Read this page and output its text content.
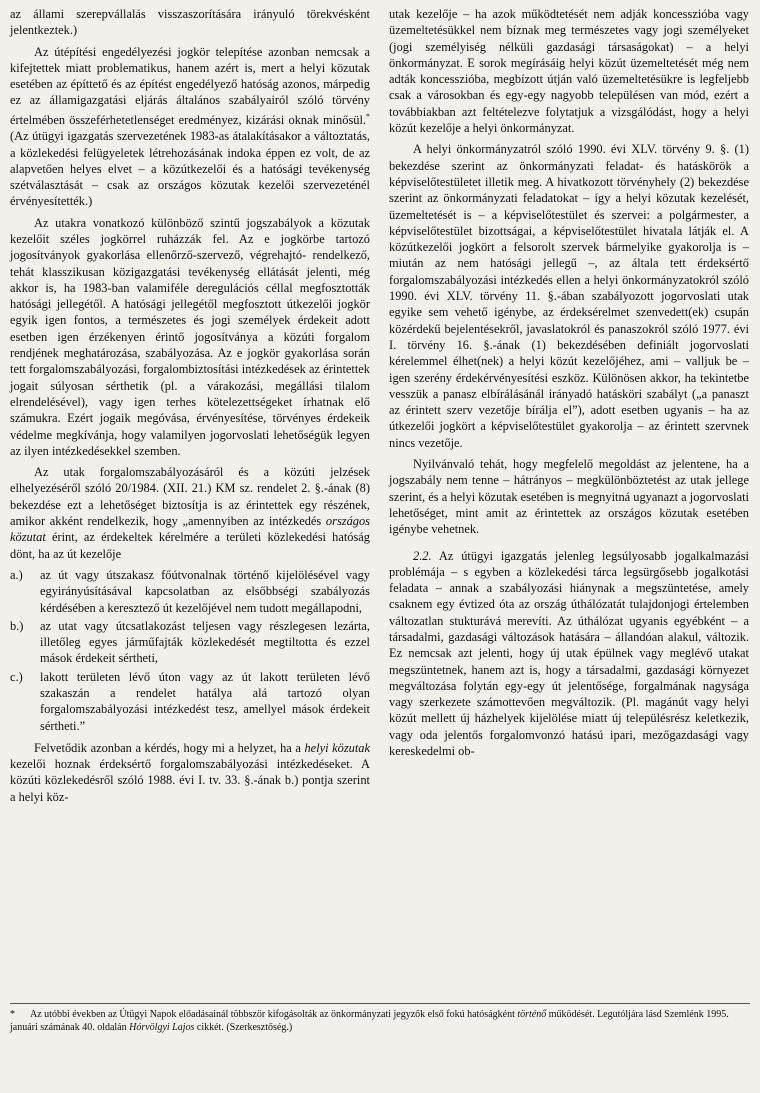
az állami szerepvállalás visszaszorítására irányuló törekvésként jelentkeztek.)

Az útépítési engedélyezési jogkör telepítése azonban nemcsak a kifejtettek miatt problematikus, hanem azért is, mert a helyi közutak esetében az építtető és az építést engedélyező hatóság azonos, márpedig ez az államigazgatási eljárás általános szabályairól szóló törvény értelmében összeférhetetlenséget eredményez, kizárási oknak minősül.* (Az útügyi igazgatás szervezetének 1983-as átalakításakor a változtatás, a közlekedési felügyeletek létrehozásának indoka éppen ez volt, de az alapvetően helyes elvet – a közútkezelői és a hatósági tevékenység szétválasztását – csak az országos közutak kezelői szervezeténél érvényesítették.)

Az utakra vonatkozó különböző szintű jogszabályok a közutak kezelőit széles jogkörrel ruházzák fel. Az e jogkörbe tartozó jogosítványok gyakorlása ellenőrző-szervező, végrehajtó- rendelkező, tehát klasszikusan közigazgatási tevékenység ellátását jelenti, még akkor is, ha 1983-ban valamiféle deregulációs céllal megfosztották hatósági jellegétől. A hatósági jellegétől megfosztott útkezelői jogkör egyik igen fontos, a természetes és jogi személyek érdekeit adott esetben igen érzékenyen érintő jogosítványa a közúti forgalom rendjének meghatározása, szabályozása. Az e jogkör gyakorlása során tett forgalomszabályozási, forgalombiztosítási intézkedések az érintettek jogait súlyosan sérthetik (pl. a várakozási, megállási tilalom elrendelésével), vagy igen terhes kötelezettségeket írhatnak elő számukra. Ezért jogaik megóvása, érvényesítése, törvényes érdekeik védelme megkívánja, hogy valamilyen jogorvoslati lehetőségük legyen az ilyen intézkedésekkel szemben.

Az utak forgalomszabályozásáról és a közúti jelzések elhelyezéséről szóló 20/1984. (XII. 21.) KM sz. rendelet 2. §.-ának (8) bekezdése ezt a lehetőséget biztosítja is az érintettek egy részének, amikor akként rendelkezik, hogy „amennyiben az intézkedés országos közutat érint, az érdekeltek kérelmére a területi közlekedési hatóság dönt, ha az út kezelője

a.) az út vagy útszakasz főútvonalnak történő kijelölésével vagy egyirányúsításával kapcsolatban az elsőbbségi szabályozás kérdésében a keresztező út kezelőjével nem tudott megállapodni,
b.) az utat vagy útcsatlakozást teljesen vagy részlegesen lezárta, illetőleg egyes járműfajták közlekedését megtiltotta és ezzel mások érdekeit sértheti,
c.) lakott területen lévő úton vagy az út lakott területen lévő szakaszán a rendelet hatálya alá tartozó olyan forgalomszabályozási intézkedést tesz, amellyel mások érdekeit sértheti.”

Felvetődik azonban a kérdés, hogy mi a helyzet, ha a helyi közutak kezelői hoznak érdeksértő forgalomszabályozási intézkedéseket. A közúti közlekedésről szóló 1988. évi I. tv. 33. §.-ának b.) pontja szerint a helyi köz-

utak kezelője – ha azok működtetését nem adják koncesszióba vagy üzemeltetésükkel nem bíznak meg természetes vagy jogi személyeket (jogi személyiség nélküli gazdasági társaságokat) – a helyi önkormányzat. E sorok megírásáig helyi közút üzemeltetését még nem adták koncesszióba, megbízott útján való üzemeltetésükre is legfeljebb csak a városokban és egy-egy nagyobb településen van mód, ezért a továbbiakban azt feltételezve folytatjuk a vizsgálódást, hogy a helyi közút kezelője a helyi önkormányzat.

A helyi önkormányzatról szóló 1990. évi XLV. törvény 9. §. (1) bekezdése szerint az önkormányzati feladat- és hatáskörök a képviselőtestületet illetik meg. A hivatkozott törvényhely (2) bekezdése szerint az önkormányzati feladatokat – így a helyi közutak kezelését, üzemeltetését is – a képviselőtestület és szervei: a polgármester, a képviselőtestület bizottságai, a képviselőtestület hivatala látják el. A közútkezelői jogkört a felsorolt szervek bármelyike gyakorolja is – miután az nem hatósági jellegű –, az általa tett érdeksértő forgalomszabályozási intézkedés ellen a helyi önkormányzatokról szóló 1990. évi XLV. törvény 11. §.-ában szabályozott jogorvoslati utak egyike sem vehető igénybe, az érdeksérelmet szenvedett(ek) csupán közérdekű bejelentésekről, javaslatokról és panaszokról szóló 1977. évi I. törvény 16. §.-ának (1) bekezdésében definiált jogorvoslati kérelemmel élhet(nek) a helyi közút kezelőjéhez, ami – valljuk be – igen szerény érdekérvényesítési eszköz. Különösen akkor, ha tekintetbe vesszük a panasz elbírálásánál irányadó hatásköri szabályt („a panaszt az érintett szerv vezetője bírálja el”), adott esetben ugyanis – ha az útkezelői jogkört a képviselőtestület gyakorolja – az érintett szervnek nincs vezetője.

Nyilvánvaló tehát, hogy megfelelő megoldást az jelentene, ha a jogszabály nem tenne – hátrányos – megkülönböztetést az utak jellege szerint, és a helyi közutak esetében is megnyitná ugyanazt a jogorvoslati lehetőséget, mint amit az érintettek az országos közutak esetében igénybe vehetnek.

2.2. Az útügyi igazgatás jelenleg legsúlyosabb jogalkalmazási problémája – s egyben a közlekedési tárca legsürgősebb jogalkotási feladata – annak a szabályozási hiánynak a megszüntetése, amely csaknem egy évtized óta az ország úthálózatát tulajdonjogi értelemben változatlan stukturává merevíti. Az úthálózat ugyanis egyébként – a társadalmi, gazdasági változások hatására – állandóan alakul, változik. Ez nemcsak azt jelenti, hogy új utak épülnek vagy meglévő utakat megszüntetnek, hanem azt is, hogy a társadalmi, gazdasági környezet megváltozása folytán egy-egy út jelentősége, forgalmának nagysága vagy szerkezete számottevően megváltozik. (Pl. magánút vagy helyi közút mellett új házhelyek kijelölése miatt új településrész keletkezik, vagy oda jelentős forgalomvonzó hatású ipari, mezőgazdasági vagy kereskedelmi ob-

* Az utóbbi években az Útügyi Napok előadásainál többször kifogásolták az önkormányzati jegyzők első fokú hatóságként történő működését. Legutóljára lásd Szemlénk 1995. januári számának 40. oldalán Hórvölgyi Lajos cikkét. (Szerkesztőség.)
